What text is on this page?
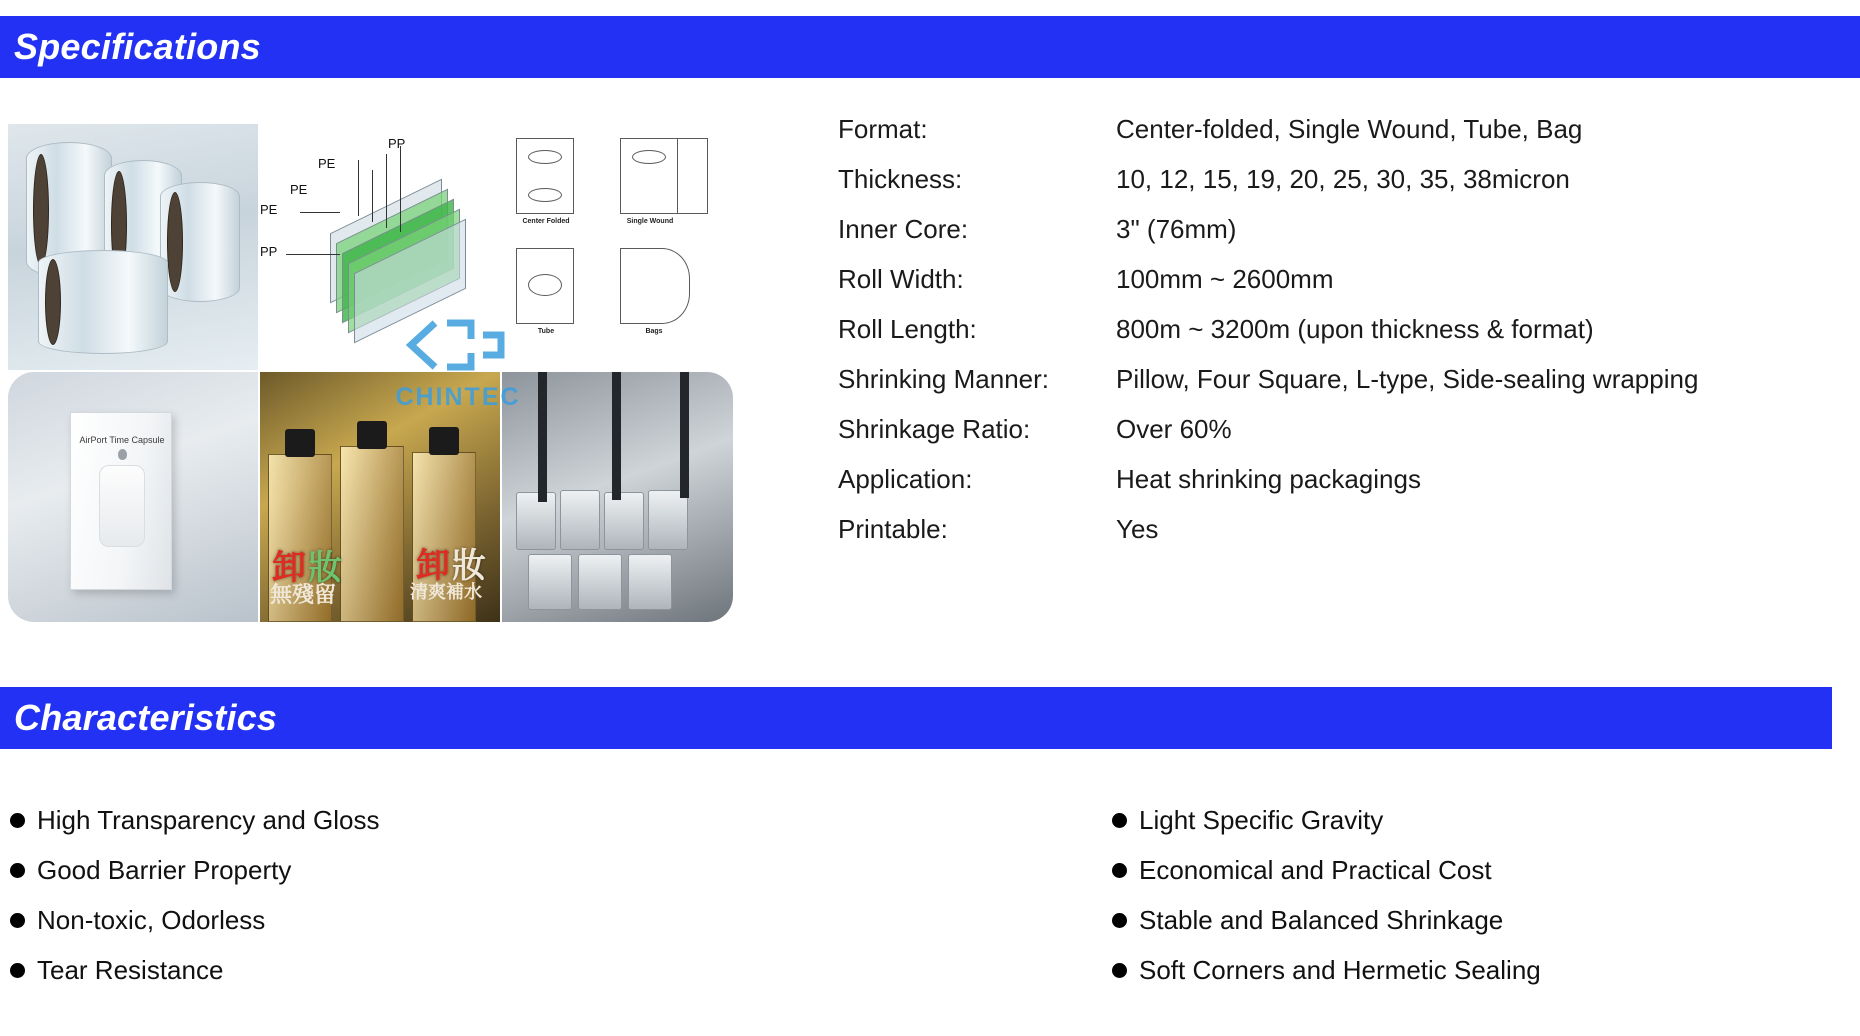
Specifications
PP
PE
PE
PE
PP
Center Folded	Single Wound
Tube	Bags
AirPort Time Capsule
卸 妝 卸 妝
無殘留	清爽補水
CHINTEC
Format:	Center-folded, Single Wound, Tube, Bag
Thickness:	10, 12, 15, 19, 20, 25, 30, 35, 38micron
Inner Core:	3" (76mm)
Roll Width:	100mm ~ 2600mm
Roll Length:	800m ~ 3200m (upon thickness & format)
Shrinking Manner:	Pillow, Four Square, L-type, Side-sealing wrapping
Shrinkage Ratio:	Over 60%
Application:	Heat shrinking packagings
Printable:	Yes
Characteristics
High Transparency and Gloss
Good Barrier Property
Non-toxic, Odorless
Tear Resistance
Light Specific Gravity
Economical and Practical Cost
Stable and Balanced Shrinkage
Soft Corners and Hermetic Sealing
